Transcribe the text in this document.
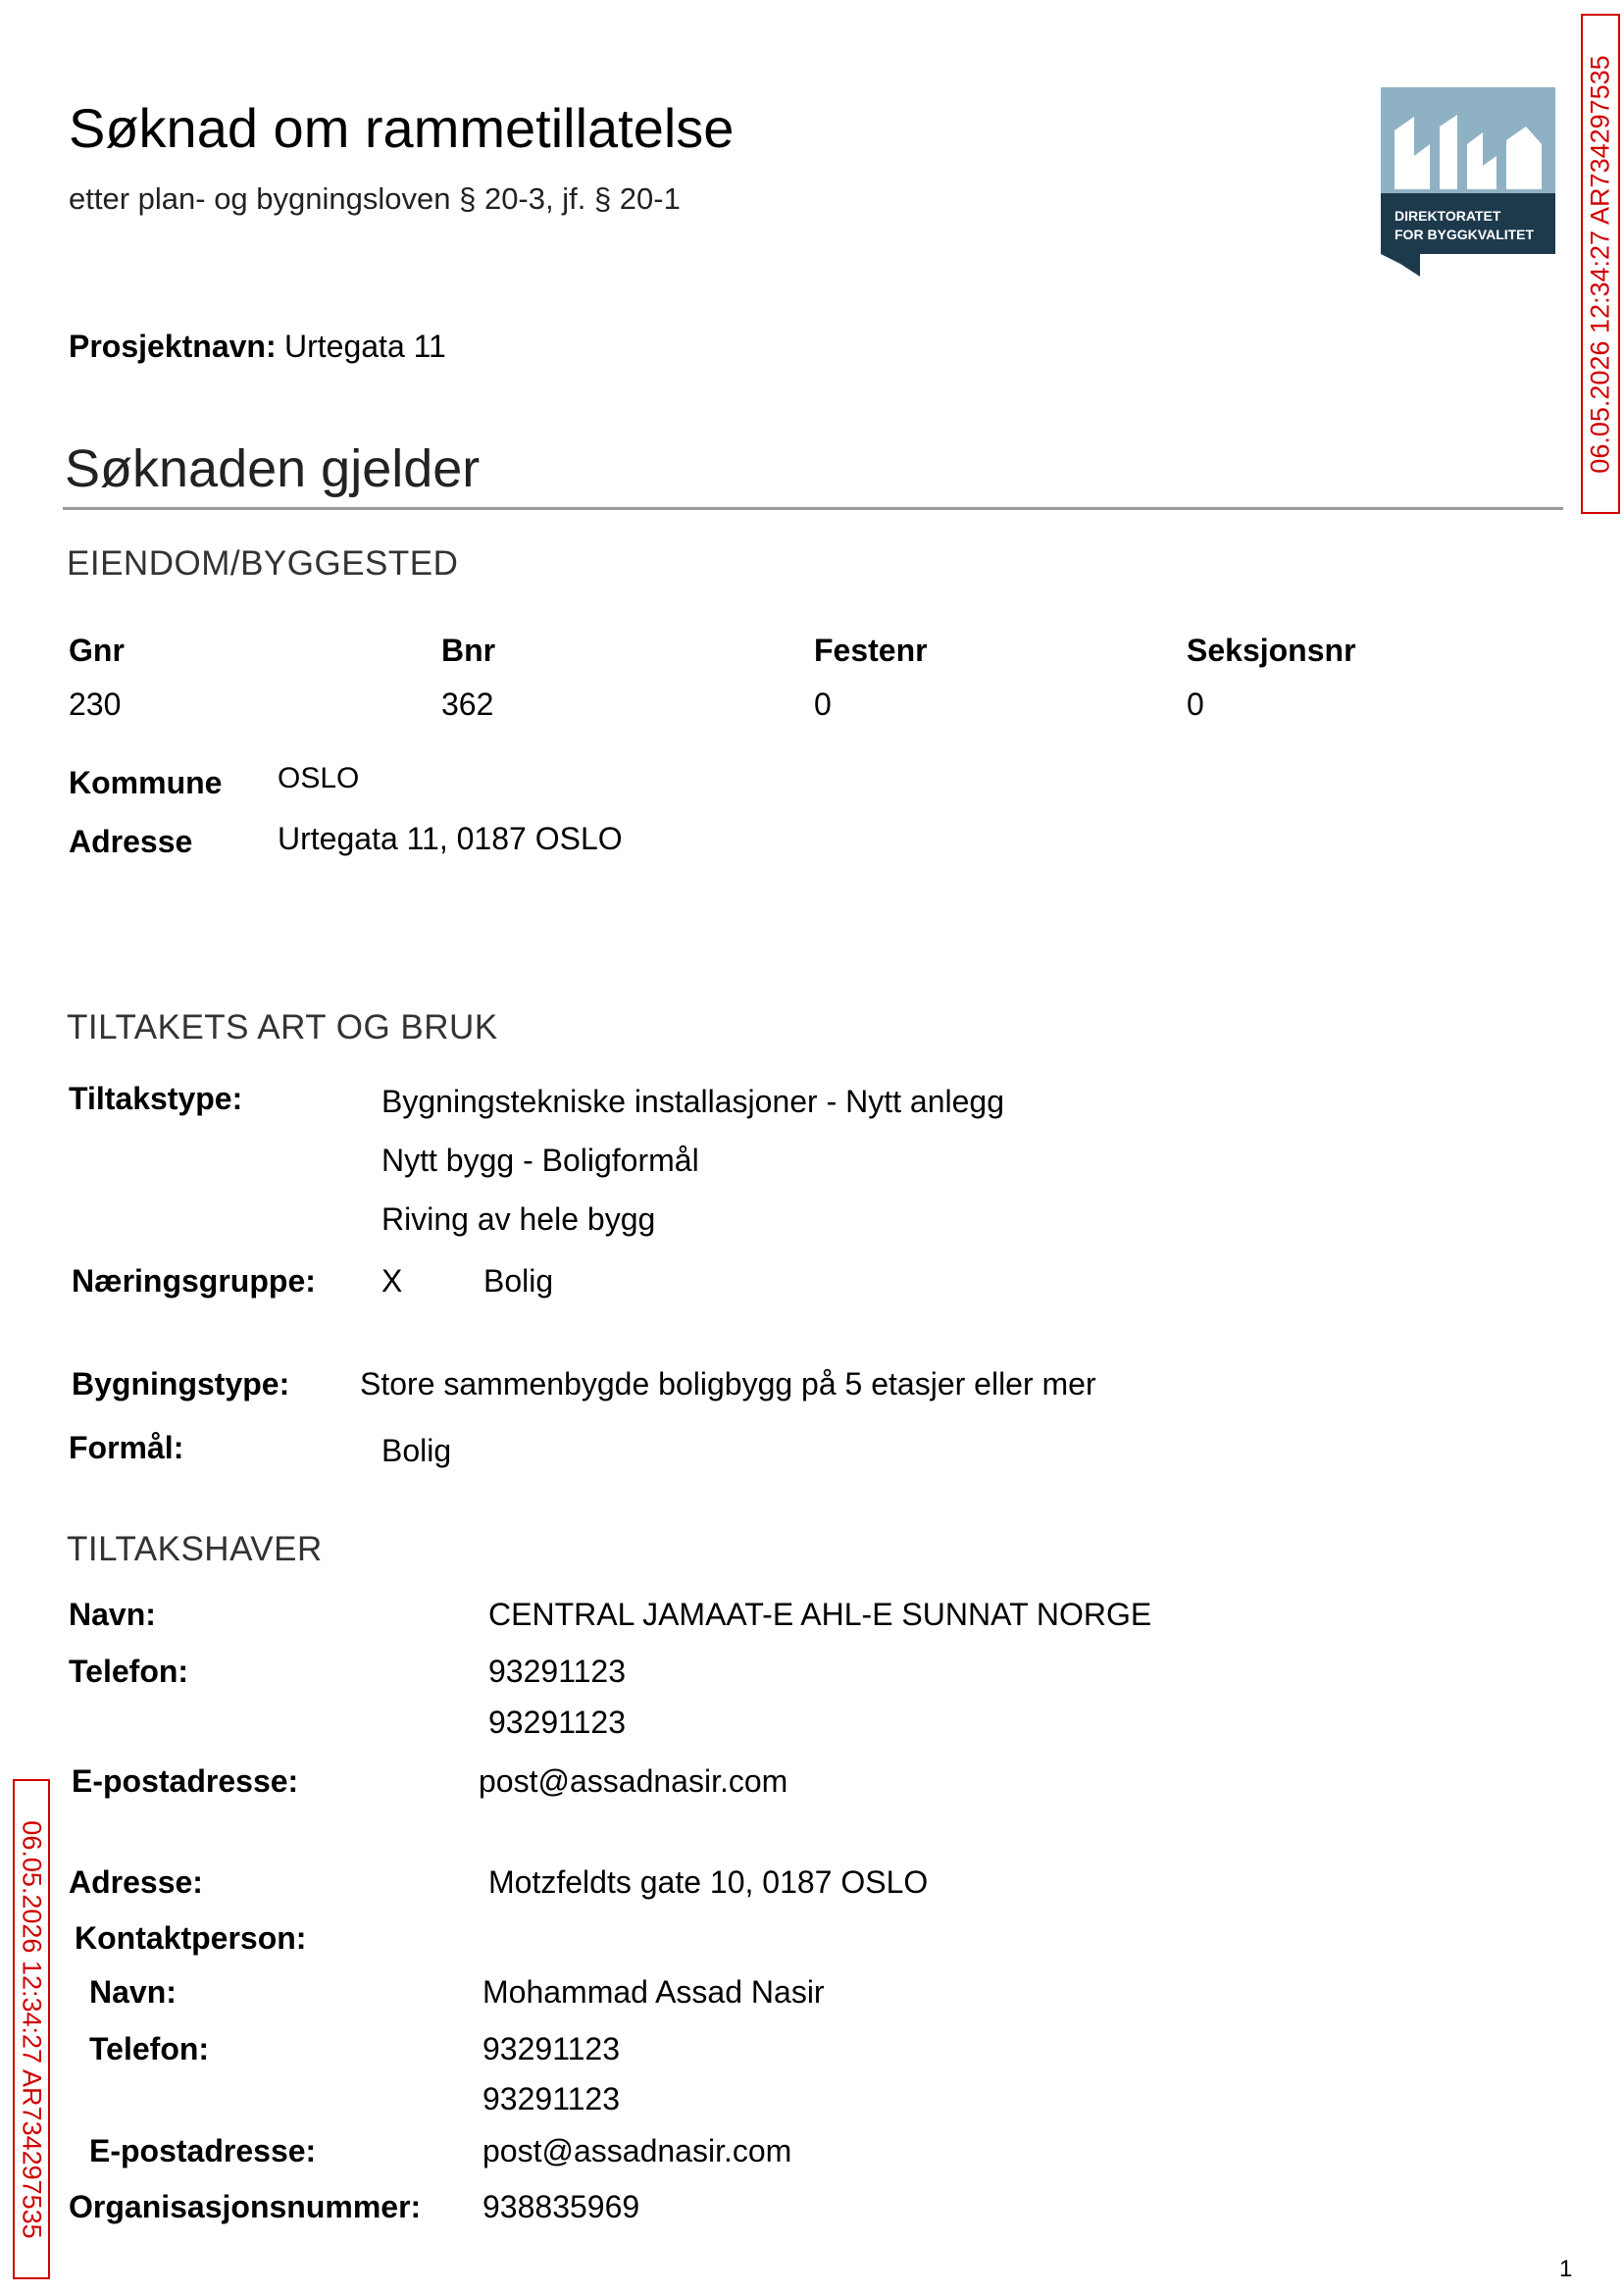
Søknad om rammetillatelse
etter plan- og bygningsloven § 20-3, jf. § 20-1
Prosjektnavn: Urtegata 11
DIREKTORATET
FOR BYGGKVALITET 06.05.2026 12:34:27 AR734297535
06.05.2026 12:34:27 AR734297535
Søknaden gjelder
EIENDOM/BYGGESTED
Gnr	Bnr	Festenr	Seksjonsnr
230	362	0	0
Kommune OSLO
Adresse	Urtegata 11, 0187 OSLO
TILTAKETS ART OG BRUK
Tiltakstype:	Bygningstekniske installasjoner - Nytt anlegg
Nytt bygg - Boligformål
Riving av hele bygg
Næringsgruppe: X	Bolig
Bygningstype: Store sammenbygde boligbygg på 5 etasjer eller mer
Formål:	Bolig
TILTAKSHAVER
Navn:	CENTRAL JAMAAT-E AHL-E SUNNAT NORGE
Telefon:	93291123
93291123
E-postadresse:	post@assadnasir.com
Adresse:	Motzfeldts gate 10, 0187 OSLO
Kontaktperson:
Navn:	Mohammad Assad Nasir
Telefon:	93291123
93291123
E-postadresse:	post@assadnasir.com
Organisasjonsnummer: 938835969
1
